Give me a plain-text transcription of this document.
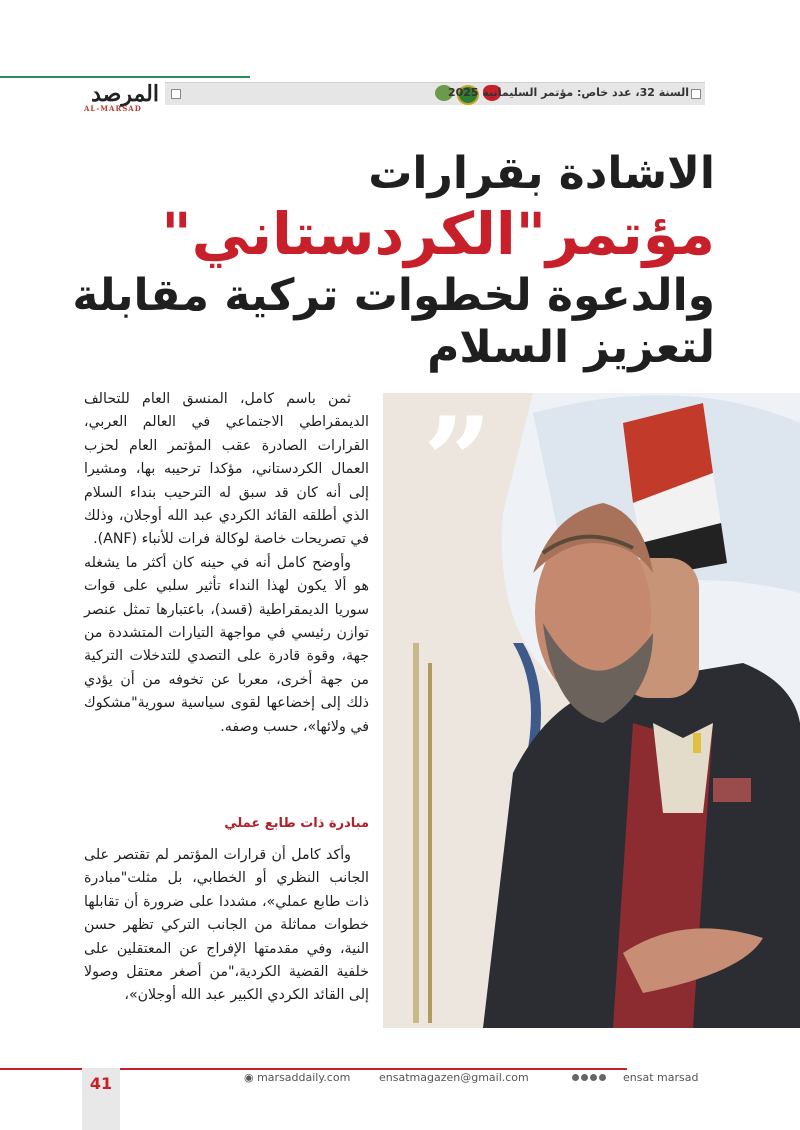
السنة 32، عدد خاص: مؤتمر السليمانية 2025
المرصد
AL-MARSAD
الاشادة بقرارات
مؤتمر"الكردستاني"
والدعوة لخطوات تركية مقابلة
لتعزيز السلام

ثمن باسم كامل، المنسق العام للتحالف الديمقراطي الاجتماعي في العالم العربي، القرارات الصادرة عقب المؤتمر العام لحزب العمال الكردستاني، مؤكدا ترحيبه بها، ومشيرا إلى أنه كان قد سبق له الترحيب بنداء السلام الذي أطلقه القائد الكردي عبد الله أوجلان، وذلك في تصريحات خاصة لوكالة فرات للأنباء (ANF).

وأوضح كامل أنه في حينه كان أكثر ما يشغله هو ألا يكون لهذا النداء تأثير سلبي على قوات سوريا الديمقراطية (قسد)، باعتبارها تمثل عنصر توازن رئيسي في مواجهة التيارات المتشددة من جهة، وقوة قادرة على التصدي للتدخلات التركية من جهة أخرى، معربا عن تخوفه من أن يؤدي ذلك إلى إخضاعها لقوى سياسية سورية"مشكوك في ولائها»، حسب وصفه.

مبادرة ذات طابع عملي

وأكد كامل أن قرارات المؤتمر لم تقتصر على الجانب النظري أو الخطابي، بل مثلت"مبادرة ذات طابع عملي»، مشددا على ضرورة أن تقابلها خطوات مماثلة من الجانب التركي تظهر حسن النية، وفي مقدمتها الإفراج عن المعتقلين على خلفية القضية الكردية،"من أصغر معتقل وصولا إلى القائد الكردي الكبير عبد الله أوجلان»،

”
41	◉ marsaddaily.com	ensatmagazen@gmail.com	ensat marsad
